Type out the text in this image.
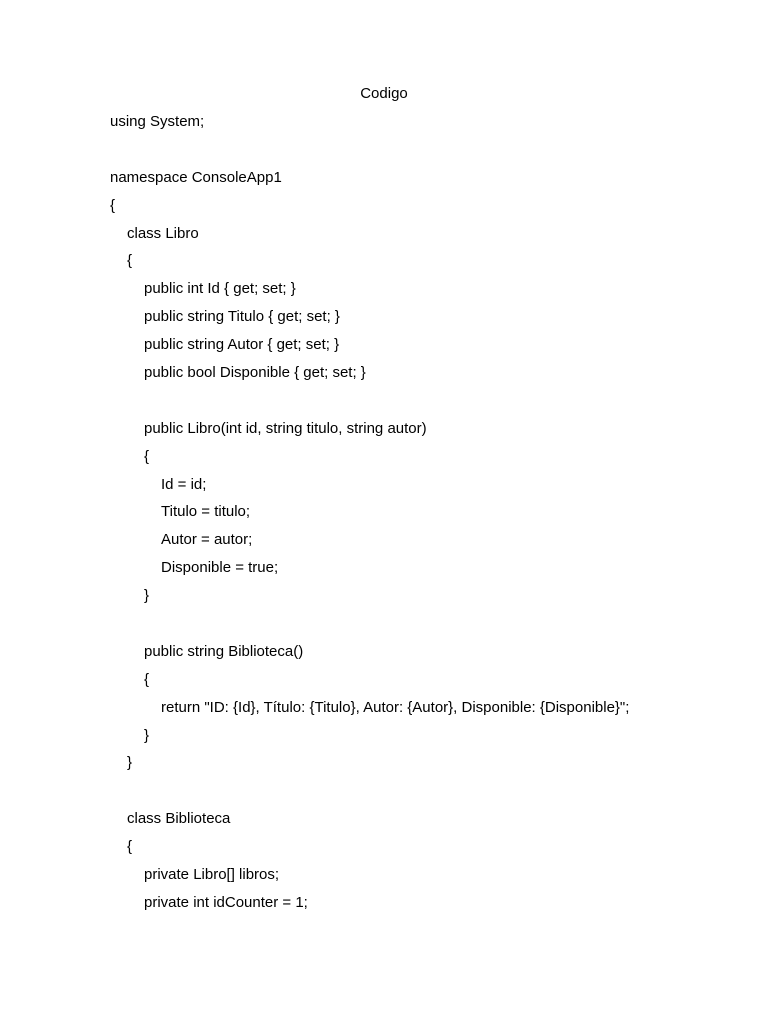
Codigo
using System;
namespace ConsoleApp1
{
class Libro
{
public int Id { get; set; }
public string Titulo { get; set; }
public string Autor { get; set; }
public bool Disponible { get; set; }
public Libro(int id, string titulo, string autor)
{
Id = id;
Titulo = titulo;
Autor = autor;
Disponible = true;
}
public string Biblioteca()
{
return "ID: {Id}, Título: {Titulo}, Autor: {Autor}, Disponible: {Disponible}";
}
}
class Biblioteca
{
private Libro[] libros;
private int idCounter = 1;
